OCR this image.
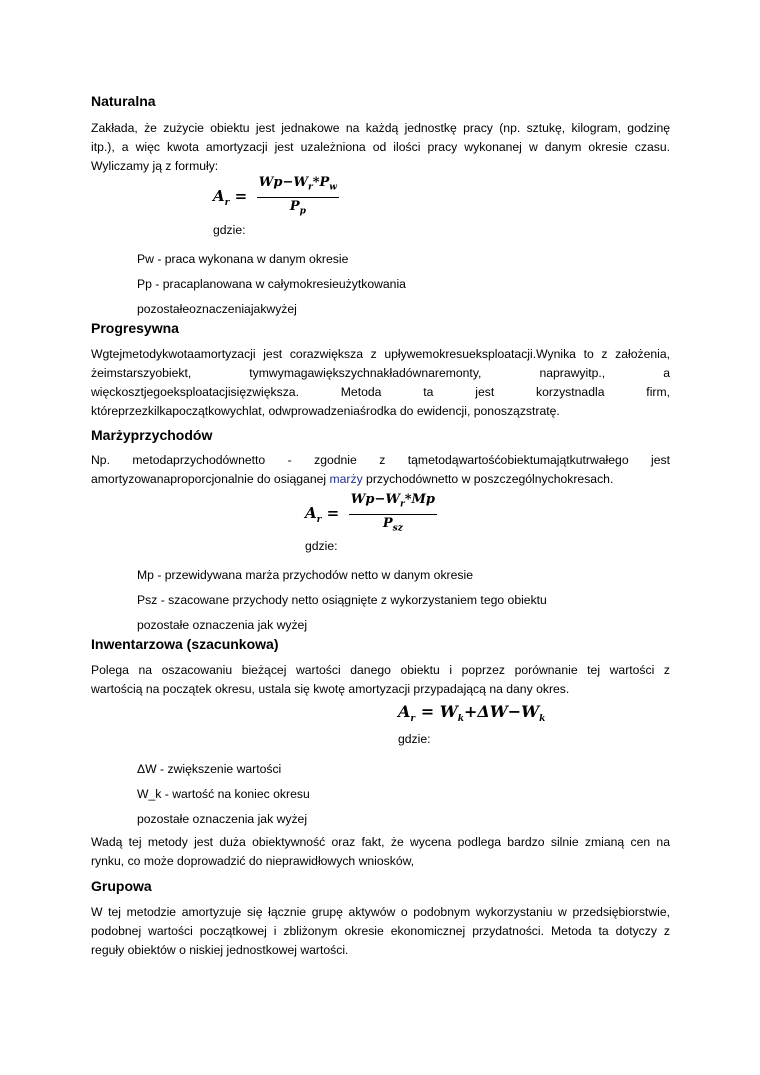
Naturalna
Zakłada, że zużycie obiektu jest jednakowe na każdą jednostkę pracy (np. sztukę, kilogram, godzinę
itp.), a więc kwota amortyzacji jest uzależniona od ilości pracy wykonanej w danym okresie czasu.
Wyliczamy ją z formuły:
$A_r = \frac{Wp-W_r*P_w}{P_p}$
gdzie:
Pw - praca wykonana w danym okresie
Pp - pracaplanowana w całymokresieużytkowania
pozostałeoznaczeniajakwyżej
Progresywna
Wgtejmetodykwotaamortyzacji jest corazwiększa z upływemokresueksploatacji.Wynika to z założenia,
żeimstarszyobiekt, tymwymagawiększychnakładównaremonty, naprawyitp., a
więckosztjegoeksploatacjisięzwiększa. Metoda ta jest korzystnadla firm,
któreprzezkilkapoczątkowychlat, odwprowadzeniaśrodka do ewidencji, ponoszązstratę.
Marżyprzychodów
Np. metodaprzychodównetto - zgodnie z tąmetodąwartośćobiektumajątkutrwałego jest
amortyzowanaproporcjonalnie do osiąganej marży przychodównetto w poszczególnychokresach.
$A_r = \frac{Wp-W_r*Mp}{P_{sz}}$
gdzie:
Mp - przewidywana marża przychodów netto w danym okresie
Psz - szacowane przychody netto osiągnięte z wykorzystaniem tego obiektu
pozostałe oznaczenia jak wyżej
Inwentarzowa (szacunkowa)
Polega na oszacowaniu bieżącej wartości danego obiektu i poprzez porównanie tej wartości z
wartością na początek okresu, ustala się kwotę amortyzacji przypadającą na dany okres.
$A_r = W_k+\Delta W-W_k$
gdzie:
ΔW - zwiększenie wartości
W_k - wartość na koniec okresu
pozostałe oznaczenia jak wyżej
Wadą tej metody jest duża obiektywność oraz fakt, że wycena podlega bardzo silnie zmianą cen na
rynku, co może doprowadzić do nieprawidłowych wniosków,
Grupowa
W tej metodzie amortyzuje się łącznie grupę aktywów o podobnym wykorzystaniu w przedsiębiorstwie,
podobnej wartości początkowej i zbliżonym okresie ekonomicznej przydatności. Metoda ta dotyczy z
reguły obiektów o niskiej jednostkowej wartości.
